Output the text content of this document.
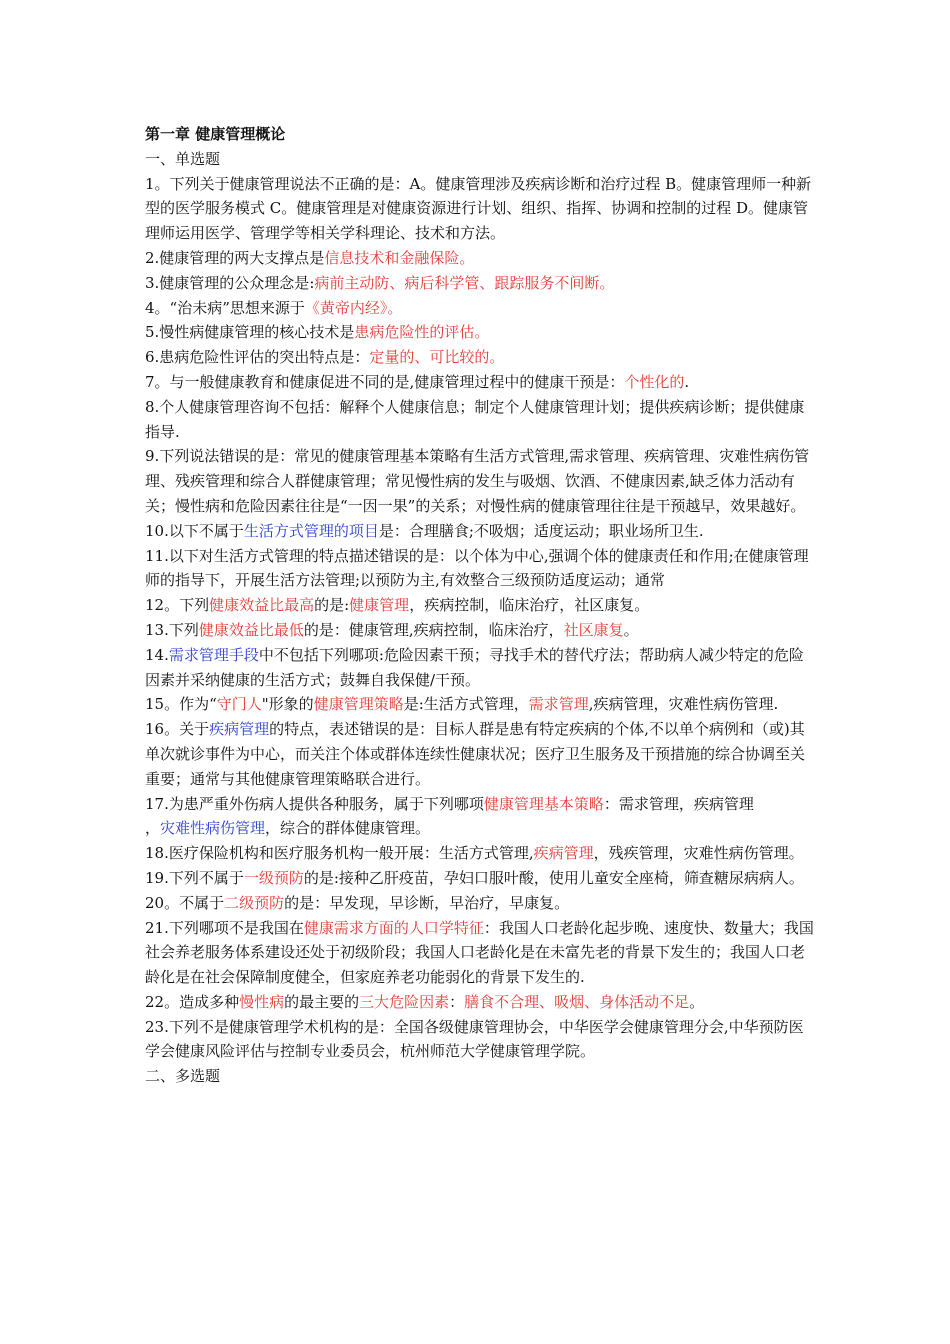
第一章 健康管理概论

一、单选题

1。下列关于健康管理说法不正确的是：A。健康管理涉及疾病诊断和治疗过程 B。健康管理师一种新型的医学服务模式 C。健康管理是对健康资源进行计划、组织、指挥、协调和控制的过程 D。健康管理师运用医学、管理学等相关学科理论、技术和方法。

2.健康管理的两大支撑点是信息技术和金融保险。

3.健康管理的公众理念是:病前主动防、病后科学管、跟踪服务不间断。

4。“治未病”思想来源于《黄帝内经》。

5.慢性病健康管理的核心技术是患病危险性的评估。

6.患病危险性评估的突出特点是：定量的、可比较的。

7。与一般健康教育和健康促进不同的是,健康管理过程中的健康干预是：个性化的.

8.个人健康管理咨询不包括：解释个人健康信息；制定个人健康管理计划；提供疾病诊断；提供健康指导.

9.下列说法错误的是：常见的健康管理基本策略有生活方式管理,需求管理、疾病管理、灾难性病伤管理、残疾管理和综合人群健康管理；常见慢性病的发生与吸烟、饮酒、不健康因素,缺乏体力活动有关；慢性病和危险因素往往是“一因一果”的关系；对慢性病的健康管理往往是干预越早，效果越好。

10.以下不属于生活方式管理的项目是：合理膳食;不吸烟；适度运动；职业场所卫生.

11.以下对生活方式管理的特点描述错误的是：以个体为中心,强调个体的健康责任和作用;在健康管理师的指导下，开展生活方法管理;以预防为主,有效整合三级预防适度运动；通常

12。下列健康效益比最高的是:健康管理，疾病控制，临床治疗，社区康复。

13.下列健康效益比最低的是：健康管理,疾病控制，临床治疗，社区康复。

14.需求管理手段中不包括下列哪项:危险因素干预；寻找手术的替代疗法；帮助病人减少特定的危险因素并采纳健康的生活方式；鼓舞自我保健/干预。

15。作为“守门人"形象的健康管理策略是:生活方式管理，需求管理,疾病管理，灾难性病伤管理.

16。关于疾病管理的特点，表述错误的是：目标人群是患有特定疾病的个体,不以单个病例和（或)其单次就诊事件为中心，而关注个体或群体连续性健康状况；医疗卫生服务及干预措施的综合协调至关重要；通常与其他健康管理策略联合进行。

17.为患严重外伤病人提供各种服务，属于下列哪项健康管理基本策略：需求管理，疾病管理

，灾难性病伤管理，综合的群体健康管理。

18.医疗保险机构和医疗服务机构一般开展：生活方式管理,疾病管理，残疾管理，灾难性病伤管理。

19.下列不属于一级预防的是:接种乙肝疫苗，孕妇口服叶酸，使用儿童安全座椅，筛查糖尿病病人。

20。不属于二级预防的是：早发现，早诊断，早治疗，早康复。

21.下列哪项不是我国在健康需求方面的人口学特征：我国人口老龄化起步晚、速度快、数量大；我国社会养老服务体系建设还处于初级阶段；我国人口老龄化是在未富先老的背景下发生的；我国人口老龄化是在社会保障制度健全，但家庭养老功能弱化的背景下发生的.

22。造成多种慢性病的最主要的三大危险因素：膳食不合理、吸烟、身体活动不足。

23.下列不是健康管理学术机构的是：全国各级健康管理协会，中华医学会健康管理分会,中华预防医学会健康风险评估与控制专业委员会，杭州师范大学健康管理学院。

二、多选题
